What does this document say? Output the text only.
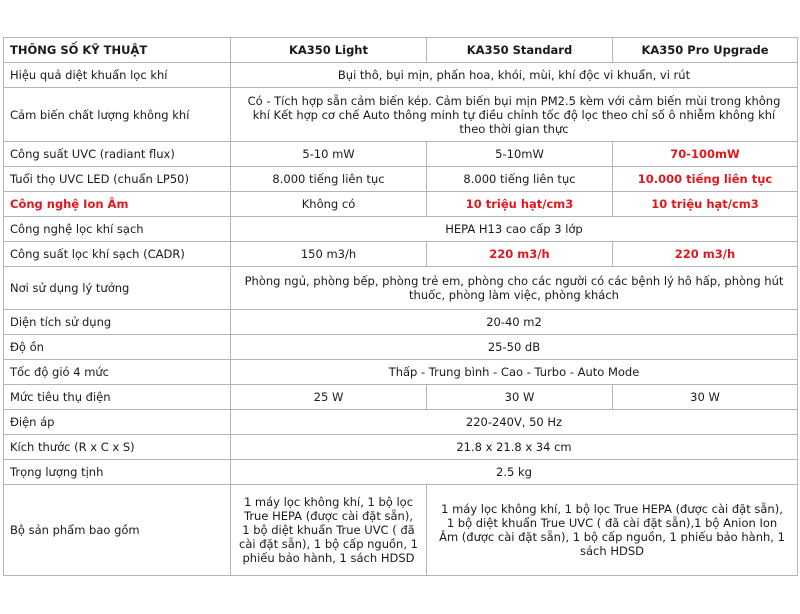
THÔNG SỐ KỸ THUẬT	KA350 Light	KA350 Standard	KA350 Pro Upgrade
Hiệu quả diệt khuẩn lọc khí	Bụi thô, bụi mịn, phấn hoa, khói, mùi, khí độc vi khuẩn, vi rút		
Cảm biến chất lượng không khí	Có - Tích hợp sẵn cảm biến kép. Cảm biến bụi mịn PM2.5 kèm với cảm biến mùi trong không khí Kết hợp cơ chế Auto thông minh tự điều chỉnh tốc độ lọc theo chỉ số ô nhiễm không khí theo thời gian thực		
Công suất UVC (radiant flux)	5-10 mW	5-10mW	70-100mW
Tuổi thọ UVC LED (chuẩn LP50)	8.000 tiếng liên tục	8.000 tiếng liên tục	10.000 tiếng liên tục
Công nghệ Ion Âm	Không có	10 triệu hạt/cm3	10 triệu hạt/cm3
Công nghệ lọc khí sạch	HEPA H13 cao cấp 3 lớp		
Công suất lọc khí sạch (CADR)	150 m3/h	220 m3/h	220 m3/h
Nơi sử dụng lý tưởng	Phòng ngủ, phòng bếp, phòng trẻ em, phòng cho các người có các bệnh lý hô hấp, phòng hút thuốc, phòng làm việc, phòng khách		
Diện tích sử dụng	20-40 m2		
Độ ồn	25-50 dB		
Tốc độ gió 4 mức	Thấp - Trung bình - Cao - Turbo - Auto Mode		
Mức tiêu thụ điện	25 W	30 W	30 W
Điện áp	220-240V, 50 Hz		
Kích thước (R x C x S)	21.8 x 21.8 x 34 cm		
Trọng lượng tịnh	2.5 kg		
Bộ sản phẩm bao gồm	1 máy lọc không khí, 1 bộ lọc True HEPA (được cài đặt sẵn), 1 bộ diệt khuẩn True UVC ( đã cài đặt sẵn), 1 bộ cấp nguồn, 1 phiếu bảo hành, 1 sách HDSD	1 máy lọc không khí, 1 bộ lọc True HEPA (được cài đặt sẵn), 1 bộ diệt khuẩn True UVC ( đã cài đặt sẵn),1 bộ Anion Ion Âm (được cài đặt sẵn), 1 bộ cấp nguồn, 1 phiếu bảo hành, 1 sách HDSD	
